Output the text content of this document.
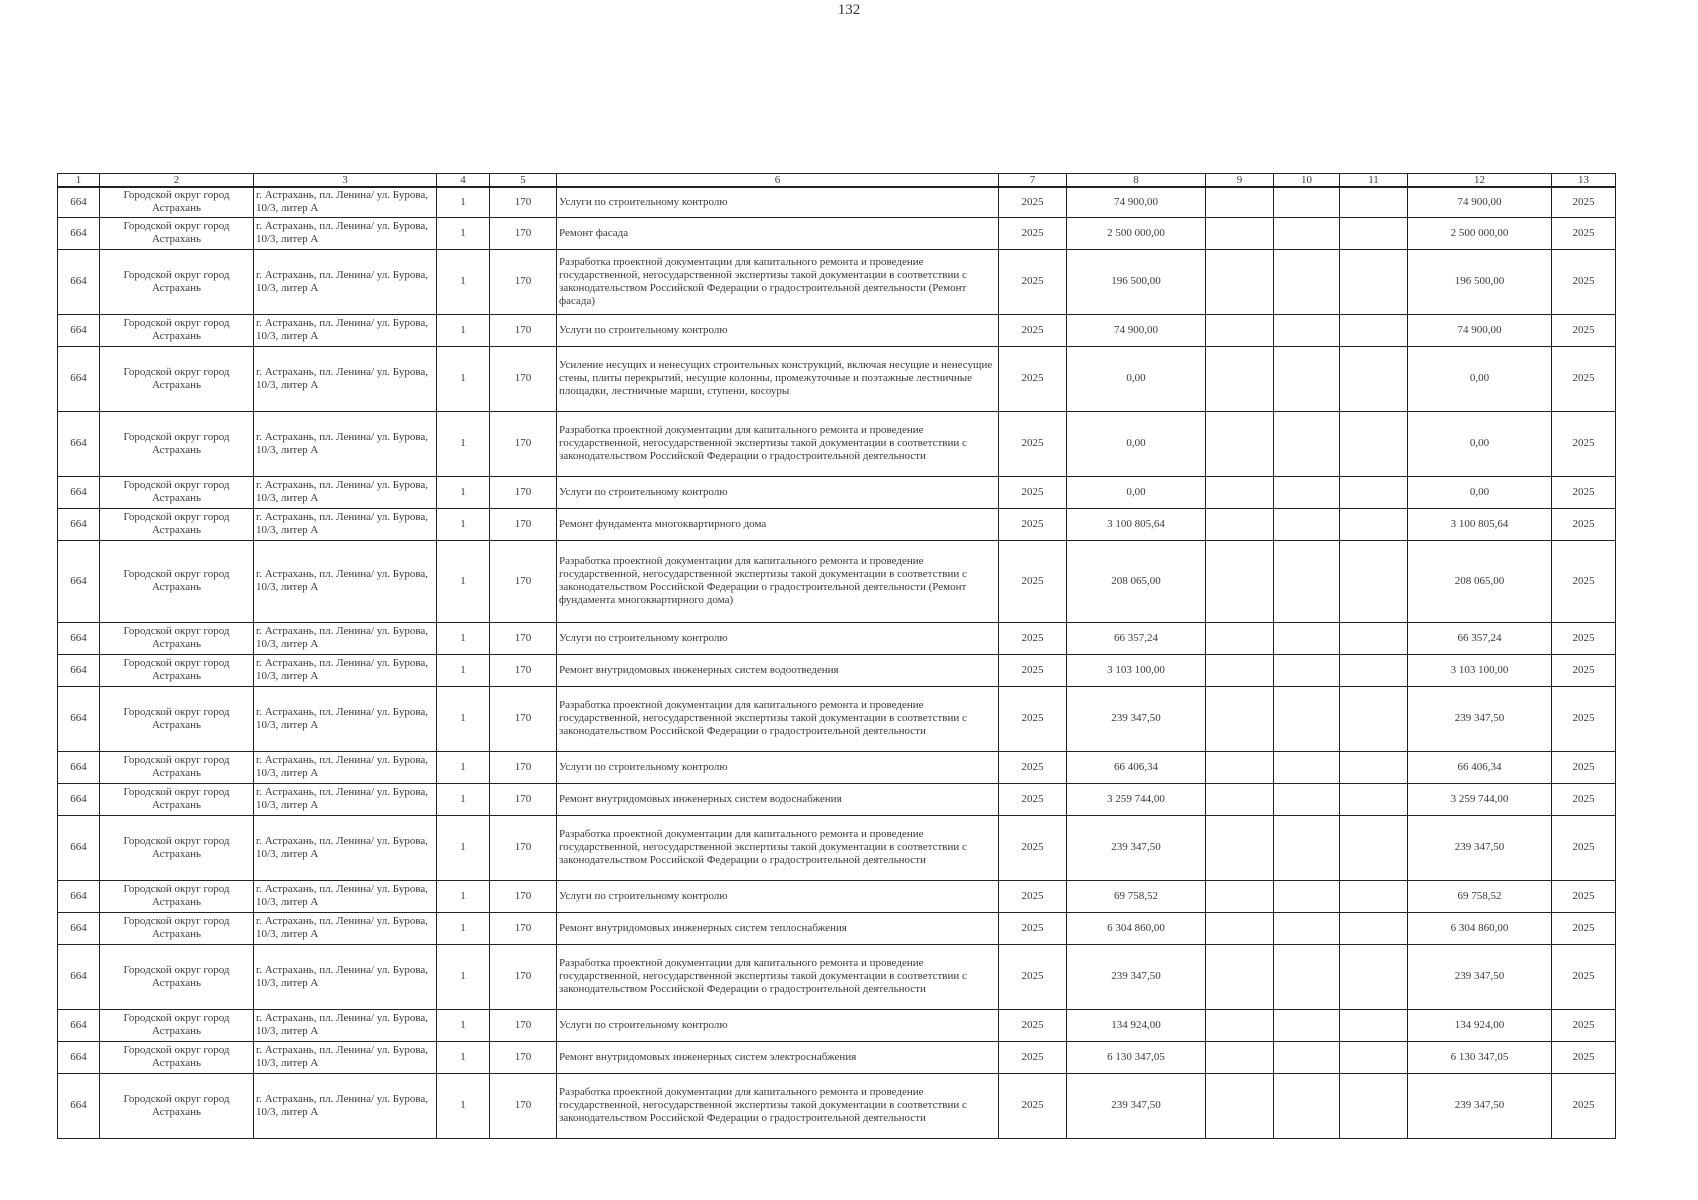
132
1	2	3	4	5	6	7	8	9	10	11	12	13
664	Городской округ город Астрахань	г. Астрахань, пл. Ленина/ ул. Бурова, 10/3, литер А	1	170	Услуги по строительному контролю	2025	74 900,00				74 900,00	2025
664	Городской округ город Астрахань	г. Астрахань, пл. Ленина/ ул. Бурова, 10/3, литер А	1	170	Ремонт фасада	2025	2 500 000,00				2 500 000,00	2025
664	Городской округ город Астрахань	г. Астрахань, пл. Ленина/ ул. Бурова, 10/3, литер А	1	170	Разработка проектной документации для капитального ремонта и проведение государственной, негосударственной экспертизы такой документации в соответствии с законодательством Российской Федерации о градостроительной деятельности (Ремонт фасада)	2025	196 500,00				196 500,00	2025
664	Городской округ город Астрахань	г. Астрахань, пл. Ленина/ ул. Бурова, 10/3, литер А	1	170	Услуги по строительному контролю	2025	74 900,00				74 900,00	2025
664	Городской округ город Астрахань	г. Астрахань, пл. Ленина/ ул. Бурова, 10/3, литер А	1	170	Усиление несущих и ненесущих строительных конструкций, включая несущие и ненесущие стены, плиты перекрытий, несущие колонны, промежуточные и поэтажные лестничные площадки, лестничные марши, ступени, косоуры	2025	0,00				0,00	2025
664	Городской округ город Астрахань	г. Астрахань, пл. Ленина/ ул. Бурова, 10/3, литер А	1	170	Разработка проектной документации для капитального ремонта и проведение государственной, негосударственной экспертизы такой документации в соответствии с законодательством Российской Федерации о градостроительной деятельности	2025	0,00				0,00	2025
664	Городской округ город Астрахань	г. Астрахань, пл. Ленина/ ул. Бурова, 10/3, литер А	1	170	Услуги по строительному контролю	2025	0,00				0,00	2025
664	Городской округ город Астрахань	г. Астрахань, пл. Ленина/ ул. Бурова, 10/3, литер А	1	170	Ремонт фундамента многоквартирного дома	2025	3 100 805,64				3 100 805,64	2025
664	Городской округ город Астрахань	г. Астрахань, пл. Ленина/ ул. Бурова, 10/3, литер А	1	170	Разработка проектной документации для капитального ремонта и проведение государственной, негосударственной экспертизы такой документации в соответствии с законодательством Российской Федерации о градостроительной деятельности (Ремонт фундамента многоквартирного дома)	2025	208 065,00				208 065,00	2025
664	Городской округ город Астрахань	г. Астрахань, пл. Ленина/ ул. Бурова, 10/3, литер А	1	170	Услуги по строительному контролю	2025	66 357,24				66 357,24	2025
664	Городской округ город Астрахань	г. Астрахань, пл. Ленина/ ул. Бурова, 10/3, литер А	1	170	Ремонт внутридомовых инженерных систем водоотведения	2025	3 103 100,00				3 103 100,00	2025
664	Городской округ город Астрахань	г. Астрахань, пл. Ленина/ ул. Бурова, 10/3, литер А	1	170	Разработка проектной документации для капитального ремонта и проведение государственной, негосударственной экспертизы такой документации в соответствии с законодательством Российской Федерации о градостроительной деятельности	2025	239 347,50				239 347,50	2025
664	Городской округ город Астрахань	г. Астрахань, пл. Ленина/ ул. Бурова, 10/3, литер А	1	170	Услуги по строительному контролю	2025	66 406,34				66 406,34	2025
664	Городской округ город Астрахань	г. Астрахань, пл. Ленина/ ул. Бурова, 10/3, литер А	1	170	Ремонт внутридомовых инженерных систем водоснабжения	2025	3 259 744,00				3 259 744,00	2025
664	Городской округ город Астрахань	г. Астрахань, пл. Ленина/ ул. Бурова, 10/3, литер А	1	170	Разработка проектной документации для капитального ремонта и проведение государственной, негосударственной экспертизы такой документации в соответствии с законодательством Российской Федерации о градостроительной деятельности	2025	239 347,50				239 347,50	2025
664	Городской округ город Астрахань	г. Астрахань, пл. Ленина/ ул. Бурова, 10/3, литер А	1	170	Услуги по строительному контролю	2025	69 758,52				69 758,52	2025
664	Городской округ город Астрахань	г. Астрахань, пл. Ленина/ ул. Бурова, 10/3, литер А	1	170	Ремонт внутридомовых инженерных систем теплоснабжения	2025	6 304 860,00				6 304 860,00	2025
664	Городской округ город Астрахань	г. Астрахань, пл. Ленина/ ул. Бурова, 10/3, литер А	1	170	Разработка проектной документации для капитального ремонта и проведение государственной, негосударственной экспертизы такой документации в соответствии с законодательством Российской Федерации о градостроительной деятельности	2025	239 347,50				239 347,50	2025
664	Городской округ город Астрахань	г. Астрахань, пл. Ленина/ ул. Бурова, 10/3, литер А	1	170	Услуги по строительному контролю	2025	134 924,00				134 924,00	2025
664	Городской округ город Астрахань	г. Астрахань, пл. Ленина/ ул. Бурова, 10/3, литер А	1	170	Ремонт внутридомовых инженерных систем электроснабжения	2025	6 130 347,05				6 130 347,05	2025
664	Городской округ город Астрахань	г. Астрахань, пл. Ленина/ ул. Бурова, 10/3, литер А	1	170	Разработка проектной документации для капитального ремонта и проведение государственной, негосударственной экспертизы такой документации в соответствии с законодательством Российской Федерации о градостроительной деятельности	2025	239 347,50				239 347,50	2025
